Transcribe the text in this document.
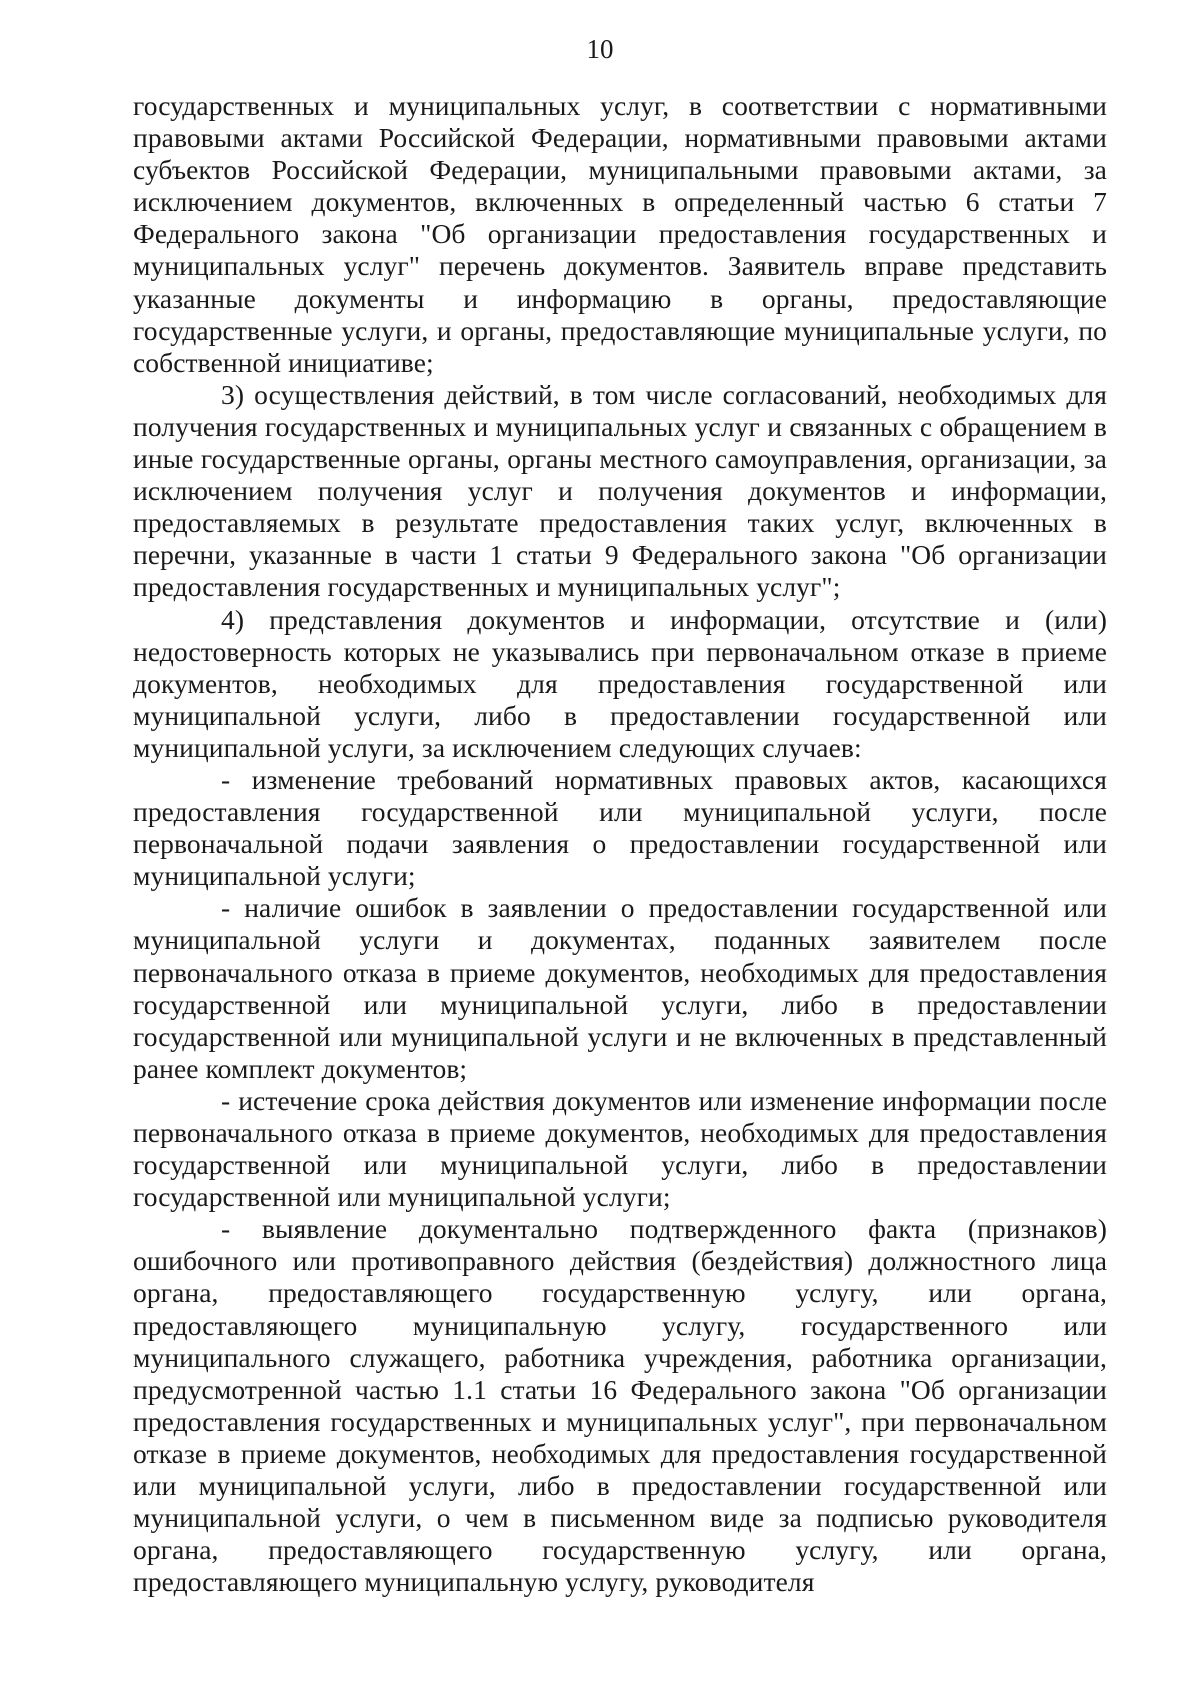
10

государственных и муниципальных услуг, в соответствии с нормативными правовыми актами Российской Федерации, нормативными правовыми актами субъектов Российской Федерации, муниципальными правовыми актами, за исключением документов, включенных в определенный частью 6 статьи 7 Федерального закона "Об организации предоставления государственных и муниципальных услуг" перечень документов. Заявитель вправе представить указанные документы и информацию в органы, предоставляющие государственные услуги, и органы, предоставляющие муниципальные услуги, по собственной инициативе;

3) осуществления действий, в том числе согласований, необходимых для получения государственных и муниципальных услуг и связанных с обращением в иные государственные органы, органы местного самоуправления, организации, за исключением получения услуг и получения документов и информации, предоставляемых в результате предоставления таких услуг, включенных в перечни, указанные в части 1 статьи 9 Федерального закона "Об организации предоставления государственных и муниципальных услуг";

4) представления документов и информации, отсутствие и (или) недостоверность которых не указывались при первоначальном отказе в приеме документов, необходимых для предоставления государственной или муниципальной услуги, либо в предоставлении государственной или муниципальной услуги, за исключением следующих случаев:

- изменение требований нормативных правовых актов, касающихся предоставления государственной или муниципальной услуги, после первоначальной подачи заявления о предоставлении государственной или муниципальной услуги;

- наличие ошибок в заявлении о предоставлении государственной или муниципальной услуги и документах, поданных заявителем после первоначального отказа в приеме документов, необходимых для предоставления государственной или муниципальной услуги, либо в предоставлении государственной или муниципальной услуги и не включенных в представленный ранее комплект документов;

- истечение срока действия документов или изменение информации после первоначального отказа в приеме документов, необходимых для предоставления государственной или муниципальной услуги, либо в предоставлении государственной или муниципальной услуги;

- выявление документально подтвержденного факта (признаков) ошибочного или противоправного действия (бездействия) должностного лица органа, предоставляющего государственную услугу, или органа, предоставляющего муниципальную услугу, государственного или муниципального служащего, работника учреждения, работника организации, предусмотренной частью 1.1 статьи 16 Федерального закона "Об организации предоставления государственных и муниципальных услуг", при первоначальном отказе в приеме документов, необходимых для предоставления государственной или муниципальной услуги, либо в предоставлении государственной или муниципальной услуги, о чем в письменном виде за подписью руководителя органа, предоставляющего государственную услугу, или органа, предоставляющего муниципальную услугу, руководителя
